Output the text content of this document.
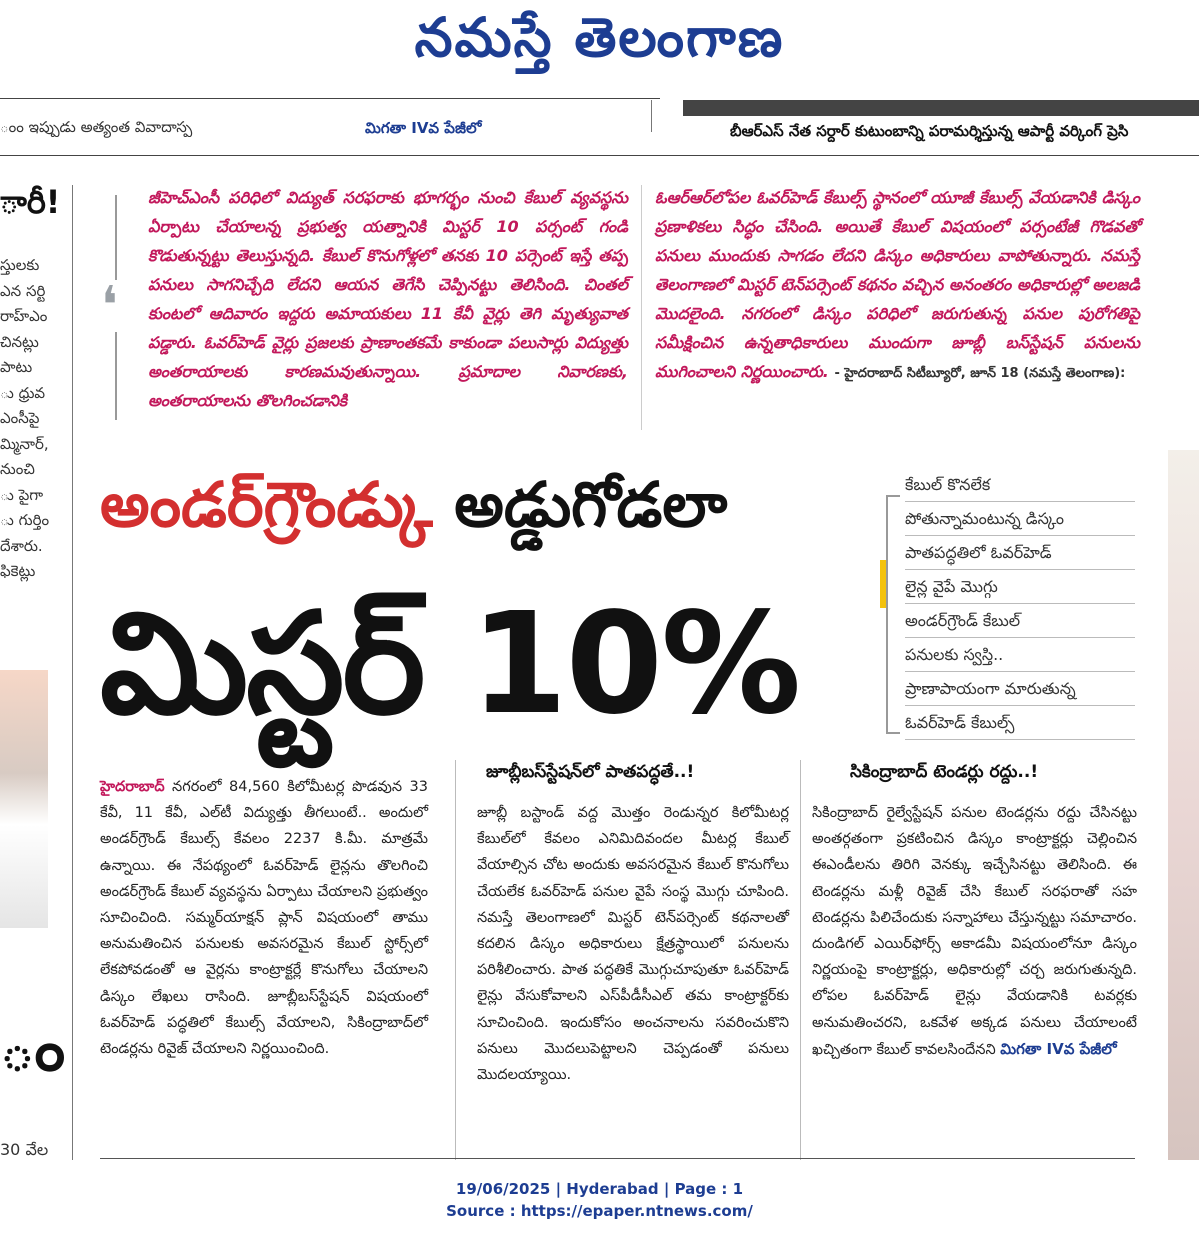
నమస్తే తెలంగాణ
ంం ఇప్పుడు అత్యంత వివాదాస్ప	మిగతా IVవ పేజీలో	బీఆర్ఎస్ నేత సర్దార్ కుటుంబాన్ని పరామర్శిస్తున్న ఆపార్టీ వర్కింగ్ ప్రెసి
ారీ!
స్తులకు
ఎన సర్టి
రాహ్ఎం
చినట్లు
పాటు
ు ధ్రువ
ఎంసీపై
మ్మినార్,
నుంచి
ు పైగా
ు గుర్తిం
దేశారు.
ఫికెట్లు
ం
30 వేల
❛
జీహెచ్ఎంసీ పరిధిలో విద్యుత్ సరఫరాకు భూగర్భం నుంచి కేబుల్ వ్యవస్థను ఏర్పాటు చేయాలన్న ప్రభుత్వ యత్నానికి మిస్టర్ 10 పర్సంట్ గండి కొడుతున్నట్టు తెలుస్తున్నది. కేబుల్ కొనుగోళ్లలో తనకు 10 పర్సెంట్ ఇస్తే తప్ప పనులు సాగనిచ్చేది లేదని ఆయన తెగేసి చెప్పినట్టు తెలిసింది. చింతల్ కుంటలో ఆదివారం ఇద్దరు అమాయకులు 11 కేవీ వైర్లు తెగి మృత్యువాత పడ్డారు. ఓవర్‌హెడ్ వైర్లు ప్రజలకు ప్రాణాంతకమే కాకుండా పలుసార్లు విద్యుత్తు అంతరాయాలకు కారణమవుతున్నాయి. ప్రమాదాల నివారణకు, అంతరాయాలను తొలగించడానికి
ఓఆర్ఆర్‌లోపల ఓవర్‌హెడ్ కేబుల్స్ స్థానంలో యూజీ కేబుల్స్ వేయడానికి డిస్కం ప్రణాళికలు సిద్ధం చేసింది. అయితే కేబుల్ విషయంలో పర్సంటేజీ గొడవతో పనులు ముందుకు సాగడం లేదని డిస్కం అధికారులు వాపోతున్నారు. నమస్తే తెలంగాణలో మిస్టర్ టెన్‌పర్సెంట్ కథనం వచ్చిన అనంతరం అధికారుల్లో అలజడి మొదలైంది. నగరంలో డిస్కం పరిధిలో జరుగుతున్న పనుల పురోగతిపై సమీక్షించిన ఉన్నతాధికారులు ముందుగా జూబ్లీ బస్‌స్టేషన్ పనులను ముగించాలని నిర్ణయించారు. - హైదరాబాద్ సిటీబ్యూరో, జూన్ 18 (నమస్తే తెలంగాణ):
అండర్‌గ్రౌండ్కు అడ్డుగోడలా
మిస్టర్ 10%
కేబుల్ కొనలేక
పోతున్నామంటున్న డిస్కం
పాతపద్ధతిలో ఓవర్‌హెడ్
లైన్ల వైపే మొగ్గు
అండర్‌గ్రౌండ్ కేబుల్
పనులకు స్వస్తి..
ప్రాణాపాయంగా మారుతున్న
ఓవర్‌హెడ్ కేబుల్స్
హైదరాబాద్ నగరంలో 84,560 కిలోమీటర్ల పొడవున 33 కేవీ, 11 కేవీ, ఎల్‌టీ విద్యుత్తు తీగలుంటే.. అందులో అండర్‌గ్రౌండ్ కేబుల్స్ కేవలం 2237 కి.మీ. మాత్రమే ఉన్నాయి. ఈ నేపథ్యంలో ఓవర్‌హెడ్ లైన్లను తొలగించి అండర్‌గ్రౌండ్ కేబుల్ వ్యవస్థను ఏర్పాటు చేయాలని ప్రభుత్వం సూచించింది. సమ్మర్‌యాక్షన్ ప్లాన్ విషయంలో తాము అనుమతించిన పనులకు అవసరమైన కేబుల్ స్టోర్స్‌లో లేకపోవడంతో ఆ వైర్లను కాంట్రాక్టర్లే కొనుగోలు చేయాలని డిస్కం లేఖలు రాసింది. జూబ్లీబస్‌స్టేషన్ విషయంలో ఓవర్‌హెడ్ పద్ధతిలో కేబుల్స్ వేయాలని, సికింద్రాబాద్‌లో టెండర్లను రివైజ్ చేయాలని నిర్ణయించింది.
జూబ్లీబస్‌స్టేషన్‌లో పాతపద్ధతే..!
జూబ్లీ బస్టాండ్ వద్ద మొత్తం రెండున్నర కిలోమీటర్ల కేబుల్‌లో కేవలం ఎనిమిదివందల మీటర్ల కేబుల్ వేయాల్సిన చోట అందుకు అవసరమైన కేబుల్ కొనుగోలు చేయలేక ఓవర్‌హెడ్ పనుల వైపే సంస్థ మొగ్గు చూపింది. నమస్తే తెలంగాణలో మిస్టర్ టెన్‌పర్సెంట్ కథనాలతో కదలిన డిస్కం అధికారులు క్షేత్రస్థాయిలో పనులను పరిశీలించారు. పాత పద్ధతికే మొగ్గుచూపుతూ ఓవర్‌హెడ్ లైన్లు వేసుకోవాలని ఎస్‌పీడీసీఎల్ తమ కాంట్రాక్టర్‌కు సూచించింది. ఇందుకోసం అంచనాలను సవరించుకొని పనులు మొదలుపెట్టాలని చెప్పడంతో పనులు మొదలయ్యాయి.
సికింద్రాబాద్ టెండర్లు రద్దు..!
సికింద్రాబాద్ రైల్వేస్టేషన్ పనుల టెండర్లను రద్దు చేసినట్టు అంతర్గతంగా ప్రకటించిన డిస్కం కాంట్రాక్టర్లు చెల్లించిన ఈఎండీలను తిరిగి వెనక్కు ఇచ్చేసినట్టు తెలిసింది. ఈ టెండర్లను మళ్లీ రివైజ్ చేసి కేబుల్ సరఫరాతో సహ టెండర్లను పిలిచేందుకు సన్నాహాలు చేస్తున్నట్టు సమాచారం. దుండిగల్ ఎయిర్‌ఫోర్స్ అకాడమీ విషయంలోనూ డిస్కం నిర్ణయంపై కాంట్రాక్టర్లు, అధికారుల్లో చర్చ జరుగుతున్నది. లోపల ఓవర్‌హెడ్ లైన్లు వేయడానికి టవర్లకు అనుమతించరని, ఒకవేళ అక్కడ పనులు చేయాలంటే ఖచ్చితంగా కేబుల్ కావలసిందేనని మిగతా IVవ పేజీలో
19/06/2025 | Hyderabad | Page : 1
Source : https://epaper.ntnews.com/
